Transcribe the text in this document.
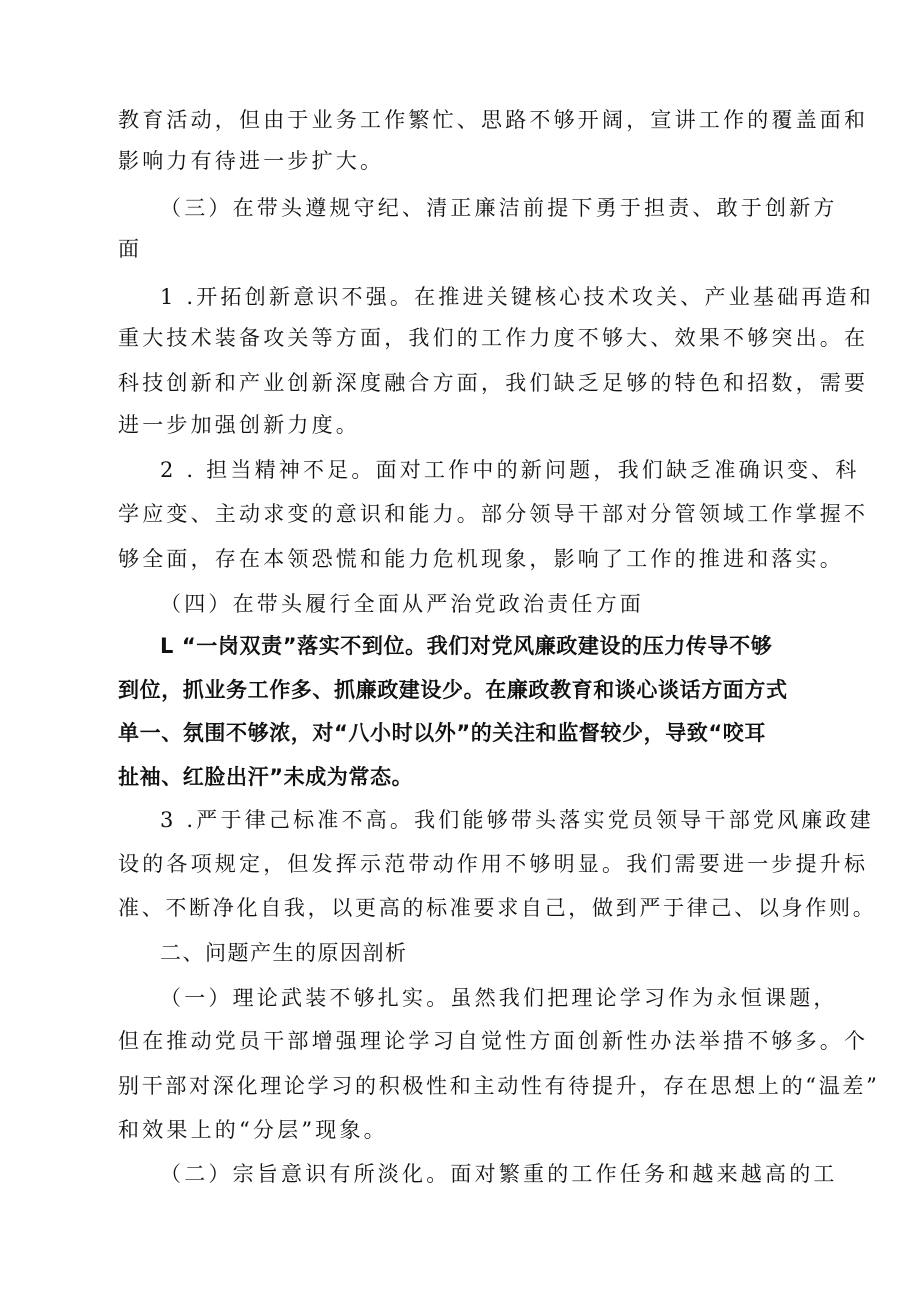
教育活动，但由于业务工作繁忙、思路不够开阔，宣讲工作的覆盖面和
影响力有待进一步扩大。
（三）在带头遵规守纪、清正廉洁前提下勇于担责、敢于创新方
面
1 .开拓创新意识不强。在推进关键核心技术攻关、产业基础再造和
重大技术装备攻关等方面，我们的工作力度不够大、效果不够突出。在
科技创新和产业创新深度融合方面，我们缺乏足够的特色和招数，需要
进一步加强创新力度。
2 . 担当精神不足。面对工作中的新问题，我们缺乏准确识变、科
学应变、主动求变的意识和能力。部分领导干部对分管领域工作掌握不
够全面，存在本领恐慌和能力危机现象，影响了工作的推进和落实。
（四）在带头履行全面从严治党政治责任方面
L “一岗双责”落实不到位。我们对党风廉政建设的压力传导不够
到位，抓业务工作多、抓廉政建设少。在廉政教育和谈心谈话方面方式
单一、氛围不够浓，对“八小时以外”的关注和监督较少，导致“咬耳
扯袖、红脸出汗”未成为常态。
3 .严于律己标准不高。我们能够带头落实党员领导干部党风廉政建
设的各项规定，但发挥示范带动作用不够明显。我们需要进一步提升标
准、不断净化自我，以更高的标准要求自己，做到严于律己、以身作则。
二、问题产生的原因剖析
（一）理论武装不够扎实。虽然我们把理论学习作为永恒课题，
但在推动党员干部增强理论学习自觉性方面创新性办法举措不够多。个
别干部对深化理论学习的积极性和主动性有待提升，存在思想上的“温差”
和效果上的“分层”现象。
（二）宗旨意识有所淡化。面对繁重的工作任务和越来越高的工
